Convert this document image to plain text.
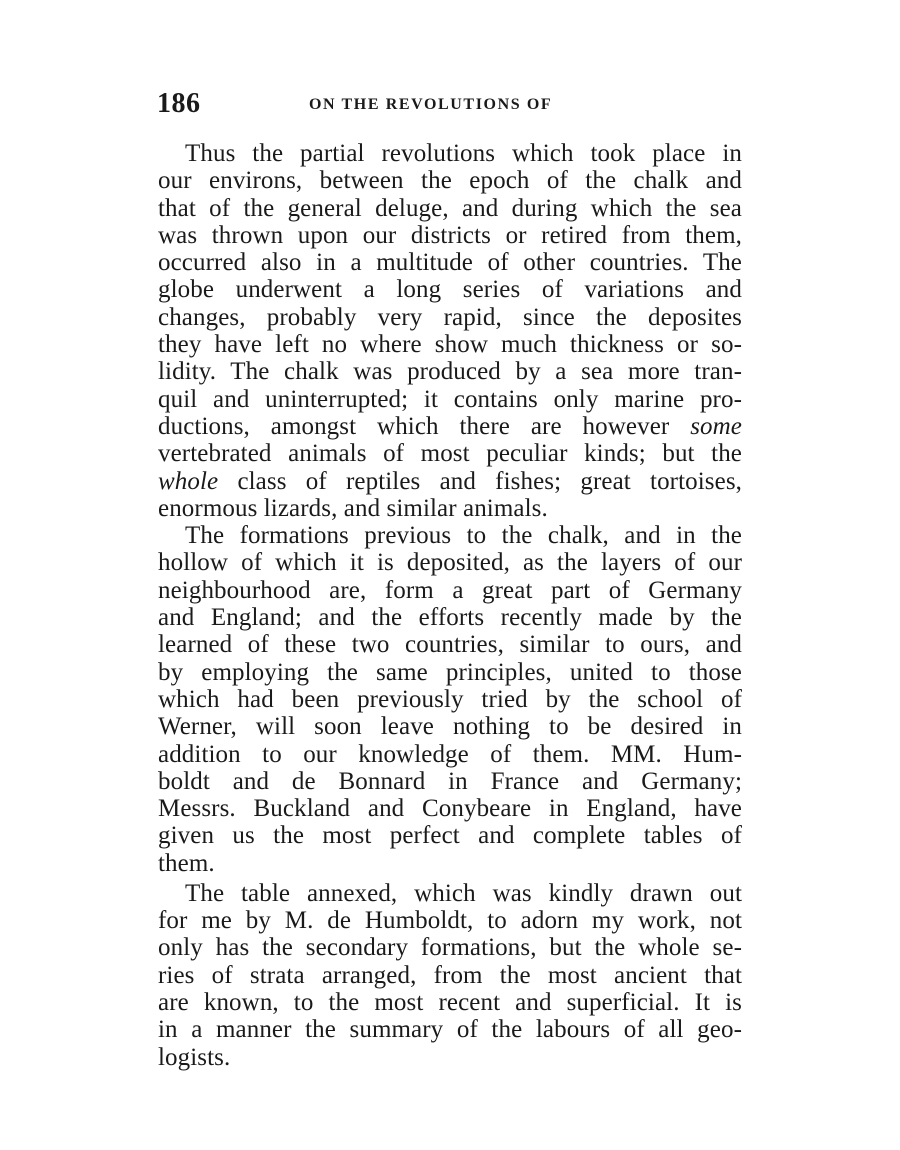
186	ON THE REVOLUTIONS OF
Thus the partial revolutions which took place in
our environs, between the epoch of the chalk and
that of the general deluge, and during which the sea
was thrown upon our districts or retired from them,
occurred also in a multitude of other countries. The
globe underwent a long series of variations and
changes, probably very rapid, since the deposites
they have left no where show much thickness or so-
lidity. The chalk was produced by a sea more tran-
quil and uninterrupted; it contains only marine pro-
ductions, amongst which there are however some
vertebrated animals of most peculiar kinds; but the
whole class of reptiles and fishes; great tortoises,
enormous lizards, and similar animals.
The formations previous to the chalk, and in the
hollow of which it is deposited, as the layers of our
neighbourhood are, form a great part of Germany
and England; and the efforts recently made by the
learned of these two countries, similar to ours, and
by employing the same principles, united to those
which had been previously tried by the school of
Werner, will soon leave nothing to be desired in
addition to our knowledge of them. MM. Hum-
boldt and de Bonnard in France and Germany;
Messrs. Buckland and Conybeare in England, have
given us the most perfect and complete tables of
them.
The table annexed, which was kindly drawn out
for me by M. de Humboldt, to adorn my work, not
only has the secondary formations, but the whole se-
ries of strata arranged, from the most ancient that
are known, to the most recent and superficial. It is
in a manner the summary of the labours of all geo-
logists.
